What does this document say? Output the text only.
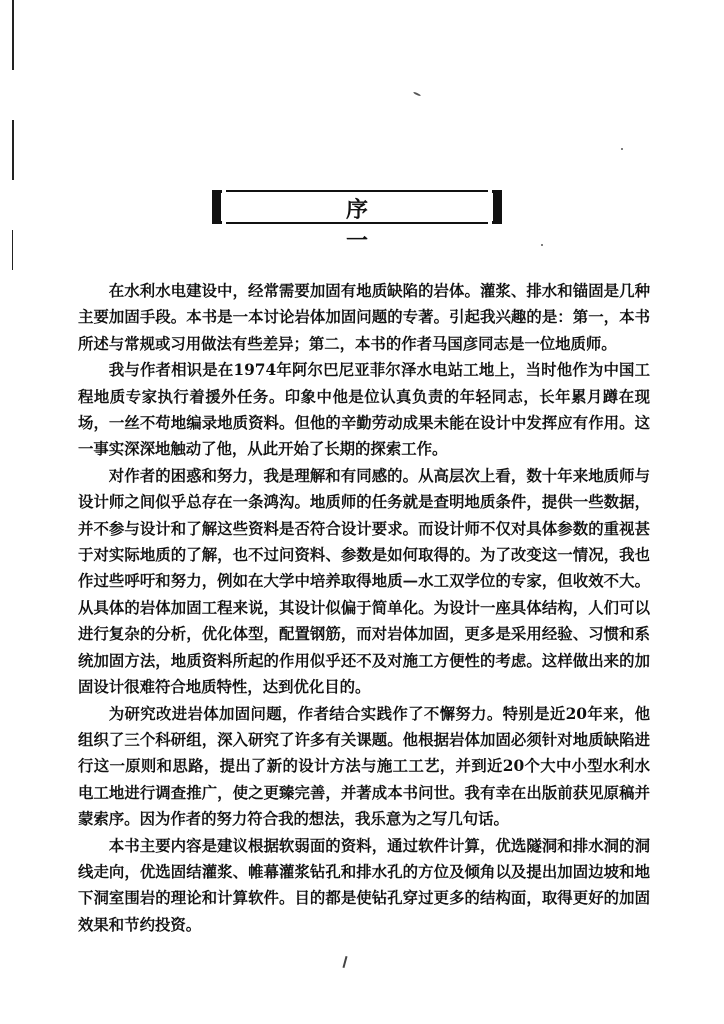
序 一

在水利水电建设中，经常需要加固有地质缺陷的岩体。灌浆、排水和锚固是几种主要加固手段。本书是一本讨论岩体加固问题的专著。引起我兴趣的是：第一，本书所述与常规或习用做法有些差异；第二，本书的作者马国彦同志是一位地质师。

我与作者相识是在1974年阿尔巴尼亚菲尔泽水电站工地上，当时他作为中国工程地质专家执行着援外任务。印象中他是位认真负责的年轻同志，长年累月蹲在现场，一丝不苟地编录地质资料。但他的辛勤劳动成果未能在设计中发挥应有作用。这一事实深深地触动了他，从此开始了长期的探索工作。

对作者的困惑和努力，我是理解和有同感的。从高层次上看，数十年来地质师与设计师之间似乎总存在一条鸿沟。地质师的任务就是查明地质条件，提供一些数据，并不参与设计和了解这些资料是否符合设计要求。而设计师不仅对具体参数的重视甚于对实际地质的了解，也不过问资料、参数是如何取得的。为了改变这一情况，我也作过些呼吁和努力，例如在大学中培养取得地质—水工双学位的专家，但收效不大。从具体的岩体加固工程来说，其设计似偏于简单化。为设计一座具体结构，人们可以进行复杂的分析，优化体型，配置钢筋，而对岩体加固，更多是采用经验、习惯和系统加固方法，地质资料所起的作用似乎还不及对施工方便性的考虑。这样做出来的加固设计很难符合地质特性，达到优化目的。

为研究改进岩体加固问题，作者结合实践作了不懈努力。特别是近20年来，他组织了三个科研组，深入研究了许多有关课题。他根据岩体加固必须针对地质缺陷进行这一原则和思路，提出了新的设计方法与施工工艺，并到近20个大中小型水利水电工地进行调查推广，使之更臻完善，并著成本书问世。我有幸在出版前获见原稿并蒙索序。因为作者的努力符合我的想法，我乐意为之写几句话。

本书主要内容是建议根据软弱面的资料，通过软件计算，优选隧洞和排水洞的洞线走向，优选固结灌浆、帷幕灌浆钻孔和排水孔的方位及倾角以及提出加固边坡和地下洞室围岩的理论和计算软件。目的都是使钻孔穿过更多的结构面，取得更好的加固效果和节约投资。
